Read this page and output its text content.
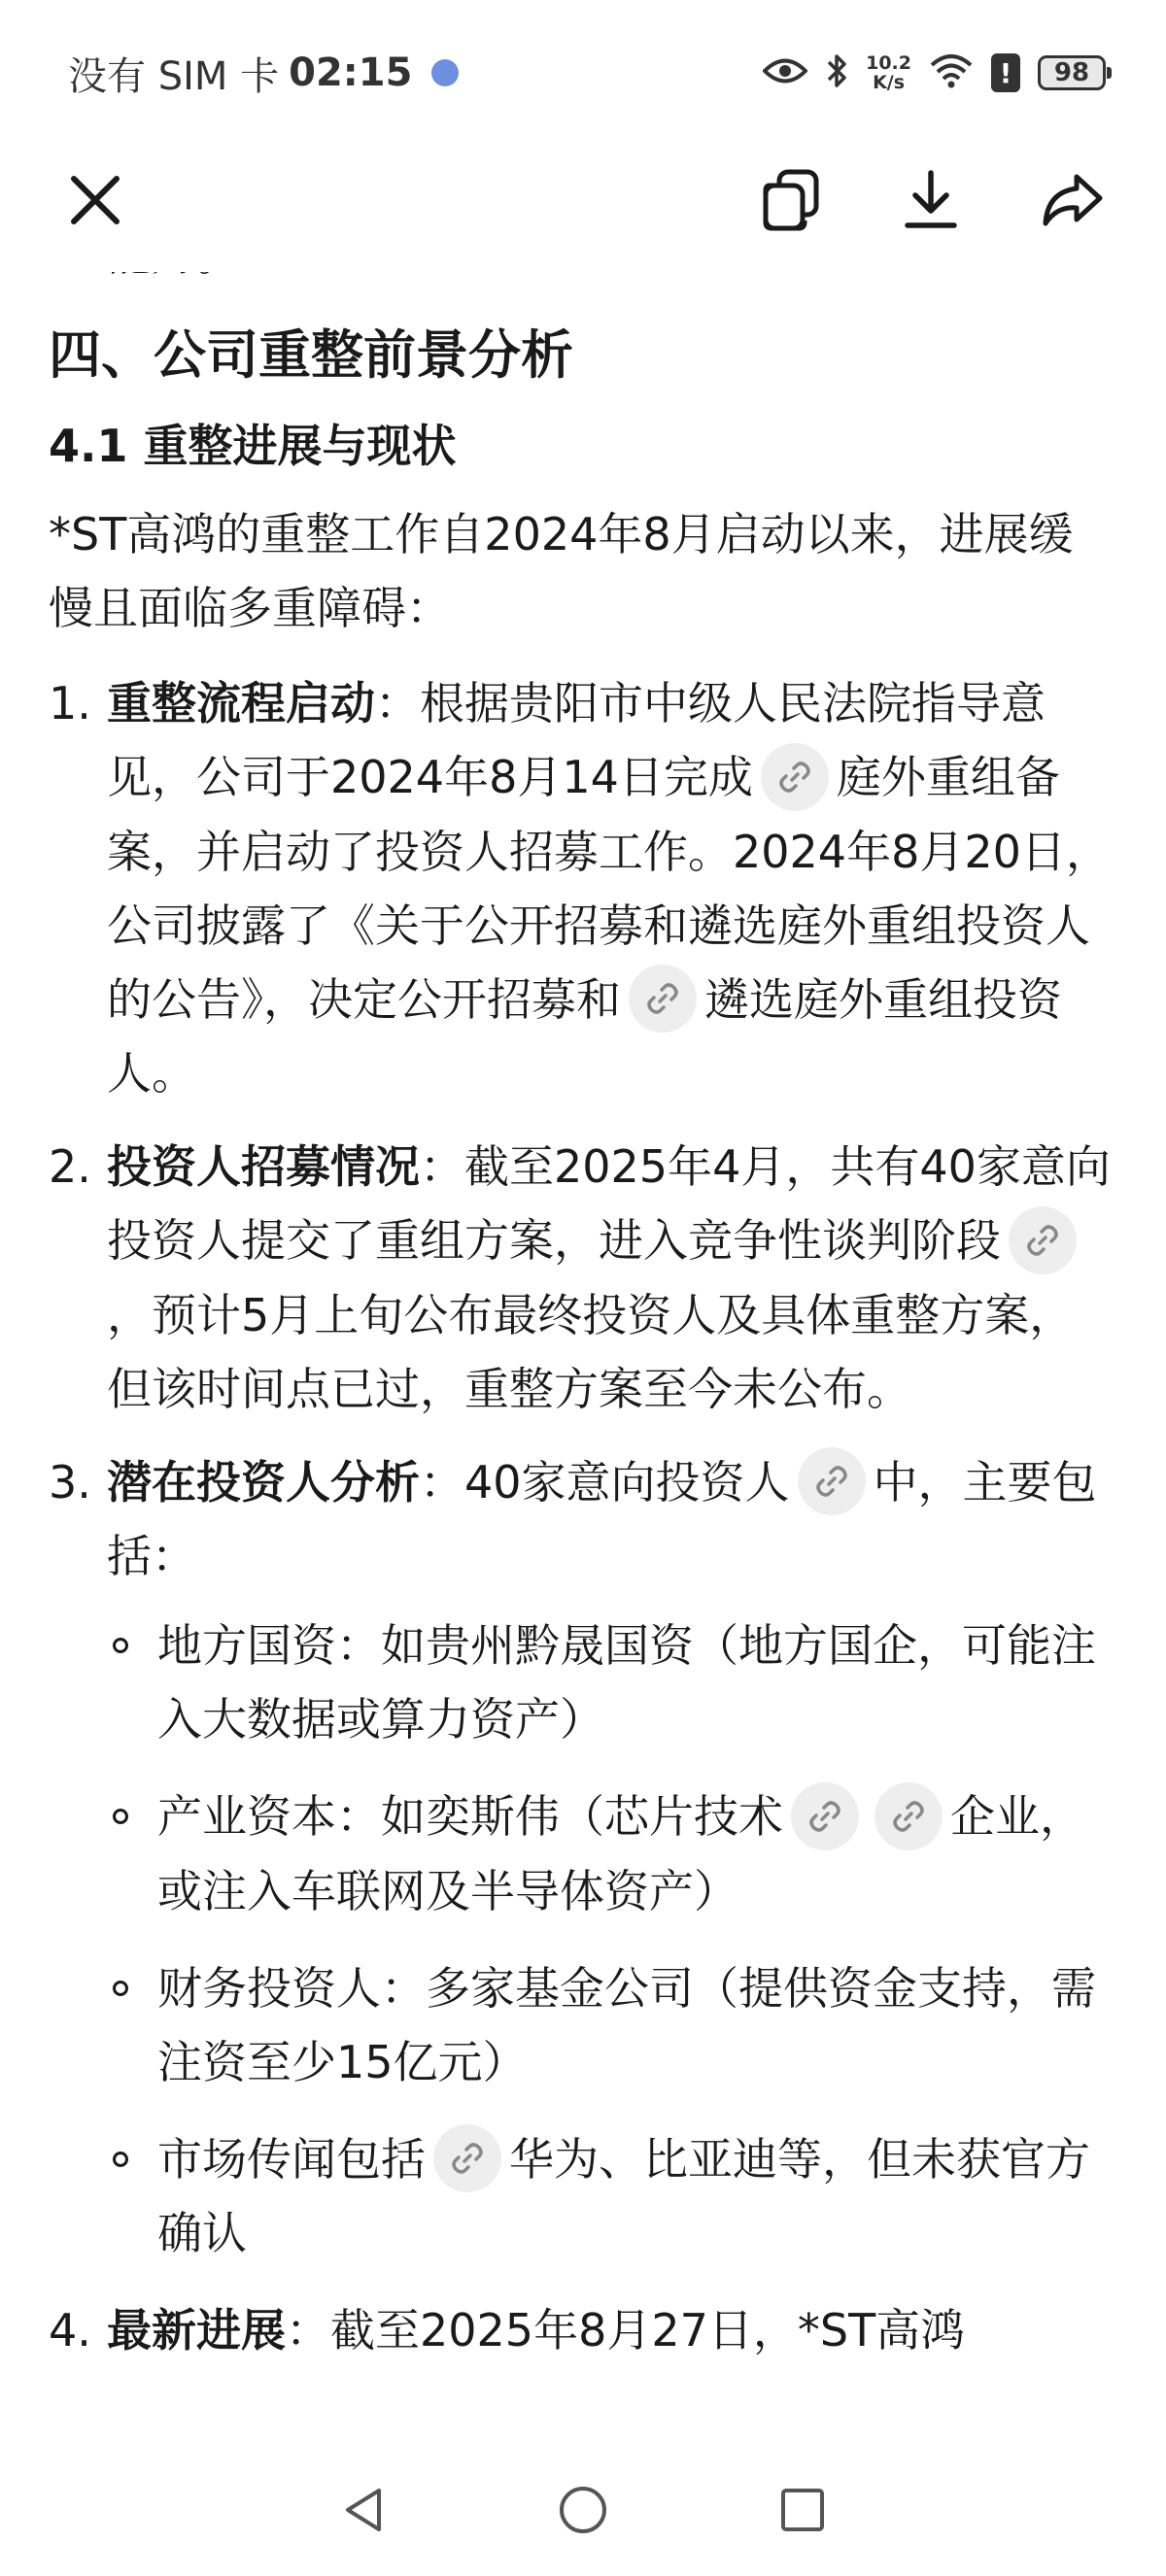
没有 SIM 卡 02:15	10.2
K/s	!	98
四、公司重整前景分析
4.1 重整进展与现状
*ST高鸿的重整工作自2024年8月启动以来，进展缓慢且面临多重障碍：
1. 重整流程启动：根据贵阳市中级人民法院指导意见，公司于2024年8月14日完成 庭外重组备案，并启动了投资人招募工作。2024年8月20日，公司披露了《关于公开招募和遴选庭外重组投资人的公告》，决定公开招募和 遴选庭外重组投资人。
2. 投资人招募情况：截至2025年4月，共有40家意向投资人提交了重组方案，进入竞争性谈判阶段
，预计5月上旬公布最终投资人及具体重整方案，但该时间点已过，重整方案至今未公布。
3. 潜在投资人分析：40家意向投资人 中，主要包括：
地方国资：如贵州黔晟国资（地方国企，可能注入大数据或算力资产）
产业资本：如奕斯伟（芯片技术	企业，或注入车联网及半导体资产）
财务投资人：多家基金公司（提供资金支持，需注资至少15亿元）
市场传闻包括 华为、比亚迪等，但未获官方确认
4. 最新进展：截至2025年8月27日，*ST高鸿
